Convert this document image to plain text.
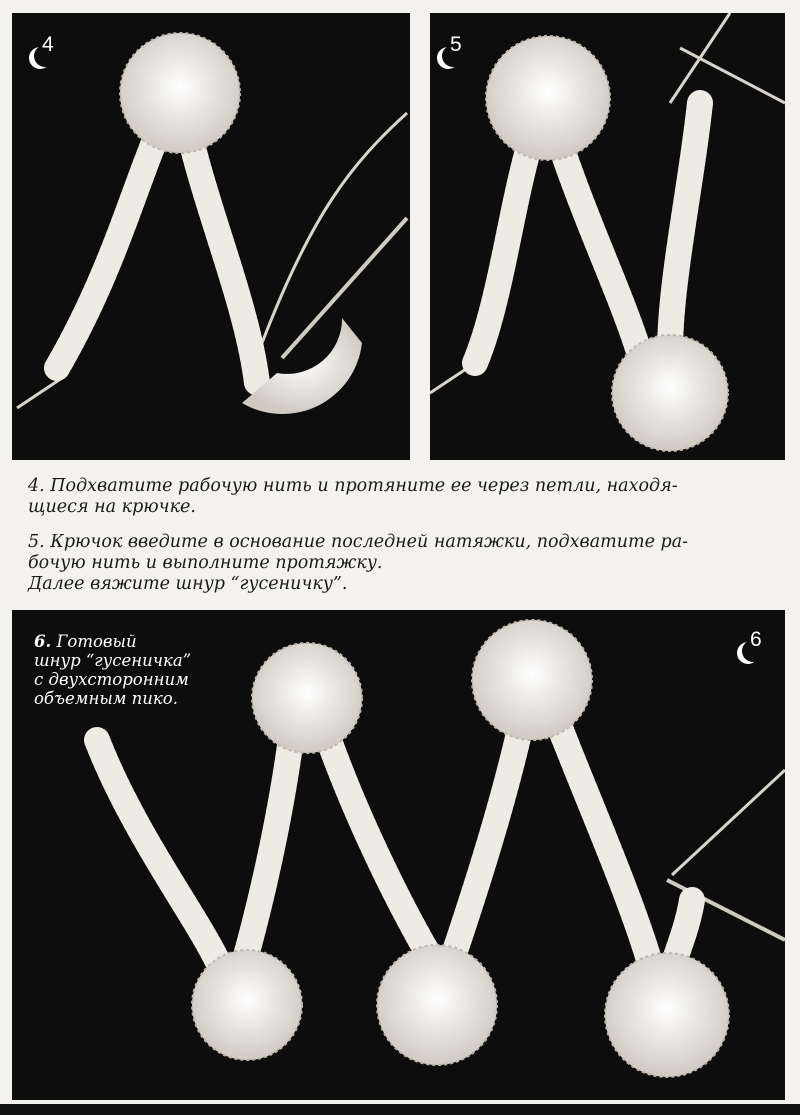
4	5
4. Подхватите рабочую нить и протяните ее через петли, находя-
щиеся на крючке.
5. Крючок введите в основание последней натяжки, подхватите ра-
бочую нить и выполните протяжку.
Далее вяжите шнур “гусеничку”.
6. Готовый
шнур “гусеничка”
с двухсторонним
объемным пико.
6
